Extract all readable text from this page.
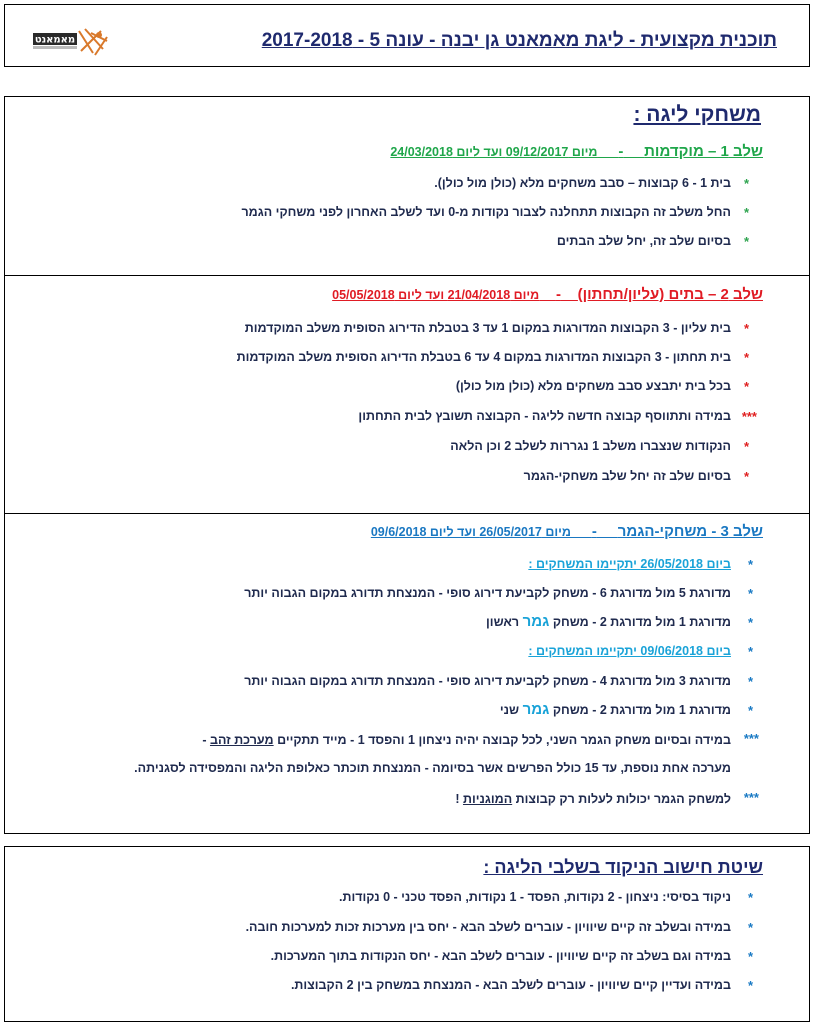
מאמאנט	תוכנית מקצועית - ליגת מאמאנט גן יבנה - עונה 5 - 2017-2018
משחקי ליגה :
שלב 1 – מוקדמות     -     מיום 09/12/2017 ועד ליום 24/03/2018
*
בית 1 - 6 קבוצות – סבב משחקים מלא (כולן מול כולן).
*
החל משלב זה הקבוצות תתחלנה לצבור נקודות מ-0 ועד לשלב האחרון לפני משחקי הגמר
*
בסיום שלב זה, יחל שלב הבתים
שלב 2 – בתים (עליון/תחתון)    -    מיום 21/04/2018 ועד ליום 05/05/2018
*
בית עליון - 3 הקבוצות המדורגות במקום 1 עד 3 בטבלת הדירוג הסופית משלב המוקדמות
*
בית תחתון - 3 הקבוצות המדורגות במקום 4 עד 6 בטבלת הדירוג הסופית משלב המוקדמות
*
בכל בית יתבצע סבב משחקים מלא (כולן מול כולן)
***
במידה ותתווסף קבוצה חדשה לליגה - הקבוצה תשובץ לבית התחתון
*
הנקודות שנצברו משלב 1 נגררות לשלב 2 וכן הלאה
*
בסיום שלב זה יחל שלב משחקי-הגמר
שלב 3 - משחקי-הגמר     -     מיום 26/05/2017 ועד ליום 09/6/2018
*
ביום 26/05/2018 יתקיימו המשחקים :
*
מדורגת 5 מול מדורגת 6 - משחק לקביעת דירוג סופי - המנצחת תדורג במקום הגבוה יותר
*
מדורגת 1 מול מדורגת 2 - משחק גמר ראשון
*
ביום 09/06/2018 יתקיימו המשחקים :
*
מדורגת 3 מול מדורגת 4 - משחק לקביעת דירוג סופי - המנצחת תדורג במקום הגבוה יותר
*
מדורגת 1 מול מדורגת 2 - משחק גמר שני
***
במידה ובסיום משחק הגמר השני, לכל קבוצה יהיה ניצחון 1 והפסד 1 - מייד תתקיים מערכת זהב -
מערכה אחת נוספת, עד 15 כולל הפרשים אשר בסיומה - המנצחת תוכתר כאלופת הליגה והמפסידה לסגניתה.
***
למשחק הגמר יכולות לעלות רק קבוצות המוגניות !
שיטת חישוב הניקוד בשלבי הליגה :
*
ניקוד בסיסי: ניצחון - 2 נקודות, הפסד - 1 נקודות, הפסד טכני - 0 נקודות.
*
במידה ובשלב זה קיים שיוויון - עוברים לשלב הבא - יחס בין מערכות זכות למערכות חובה.
*
במידה וגם בשלב זה קיים שיוויון - עוברים לשלב הבא - יחס הנקודות בתוך המערכות.
*
במידה ועדיין קיים שיוויון - עוברים לשלב הבא - המנצחת במשחק בין 2 הקבוצות.
